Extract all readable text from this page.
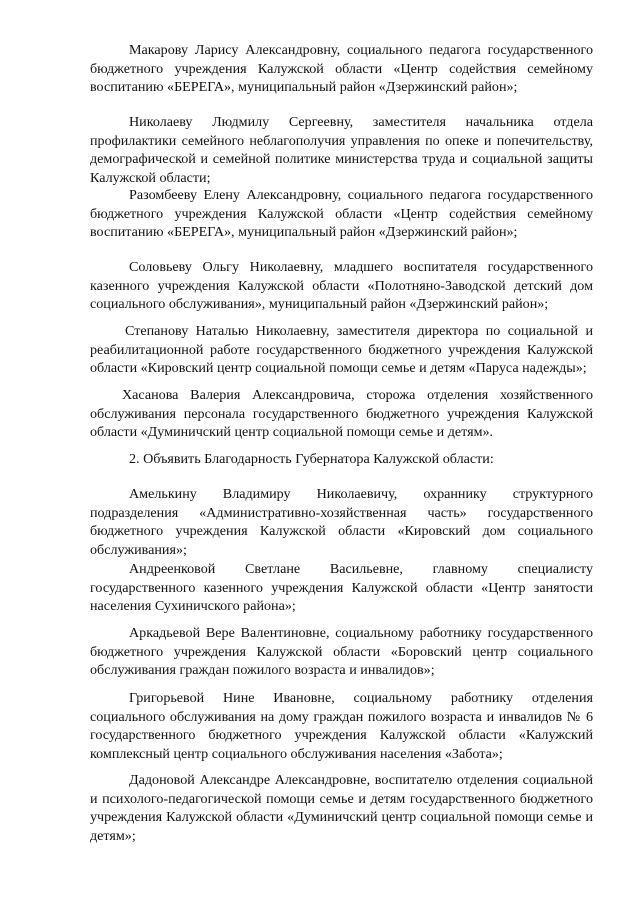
Макарову Ларису Александровну, социального педагога государственного бюджетного учреждения Калужской области «Центр содействия семейному воспитанию «БЕРЕГА», муниципальный район «Дзержинский район»;

Николаеву Людмилу Сергеевну, заместителя начальника отдела профилактики семейного неблагополучия управления по опеке и попечительству, демографической и семейной политике министерства труда и социальной защиты Калужской области;

Разомбееву Елену Александровну, социального педагога государственного бюджетного учреждения Калужской области «Центр содействия семейному воспитанию «БЕРЕГА», муниципальный район «Дзержинский район»;

Соловьеву Ольгу Николаевну, младшего воспитателя государственного казенного учреждения Калужской области «Полотняно-Заводской детский дом социального обслуживания», муниципальный район «Дзержинский район»;

Степанову Наталью Николаевну, заместителя директора по социальной и реабилитационной работе государственного бюджетного учреждения Калужской области «Кировский центр социальной помощи семье и детям «Паруса надежды»;

Хасанова Валерия Александровича, сторожа отделения хозяйственного обслуживания персонала государственного бюджетного учреждения Калужской области «Думиничский центр социальной помощи семье и детям».

2. Объявить Благодарность Губернатора Калужской области:

Амелькину Владимиру Николаевичу, охраннику структурного подразделения «Административно-хозяйственная часть» государственного бюджетного учреждения Калужской области «Кировский дом социального обслуживания»;

Андреенковой Светлане Васильевне, главному специалисту государственного казенного учреждения Калужской области «Центр занятости населения Сухиничского района»;

Аркадьевой Вере Валентиновне, социальному работнику государственного бюджетного учреждения Калужской области «Боровский центр социального обслуживания граждан пожилого возраста и инвалидов»;

Григорьевой Нине Ивановне, социальному работнику отделения социального обслуживания на дому граждан пожилого возраста и инвалидов № 6 государственного бюджетного учреждения Калужской области «Калужский комплексный центр социального обслуживания населения «Забота»;

Дадоновой Александре Александровне, воспитателю отделения социальной и психолого-педагогической помощи семье и детям государственного бюджетного учреждения Калужской области «Думиничский центр социальной помощи семье и детям»;
